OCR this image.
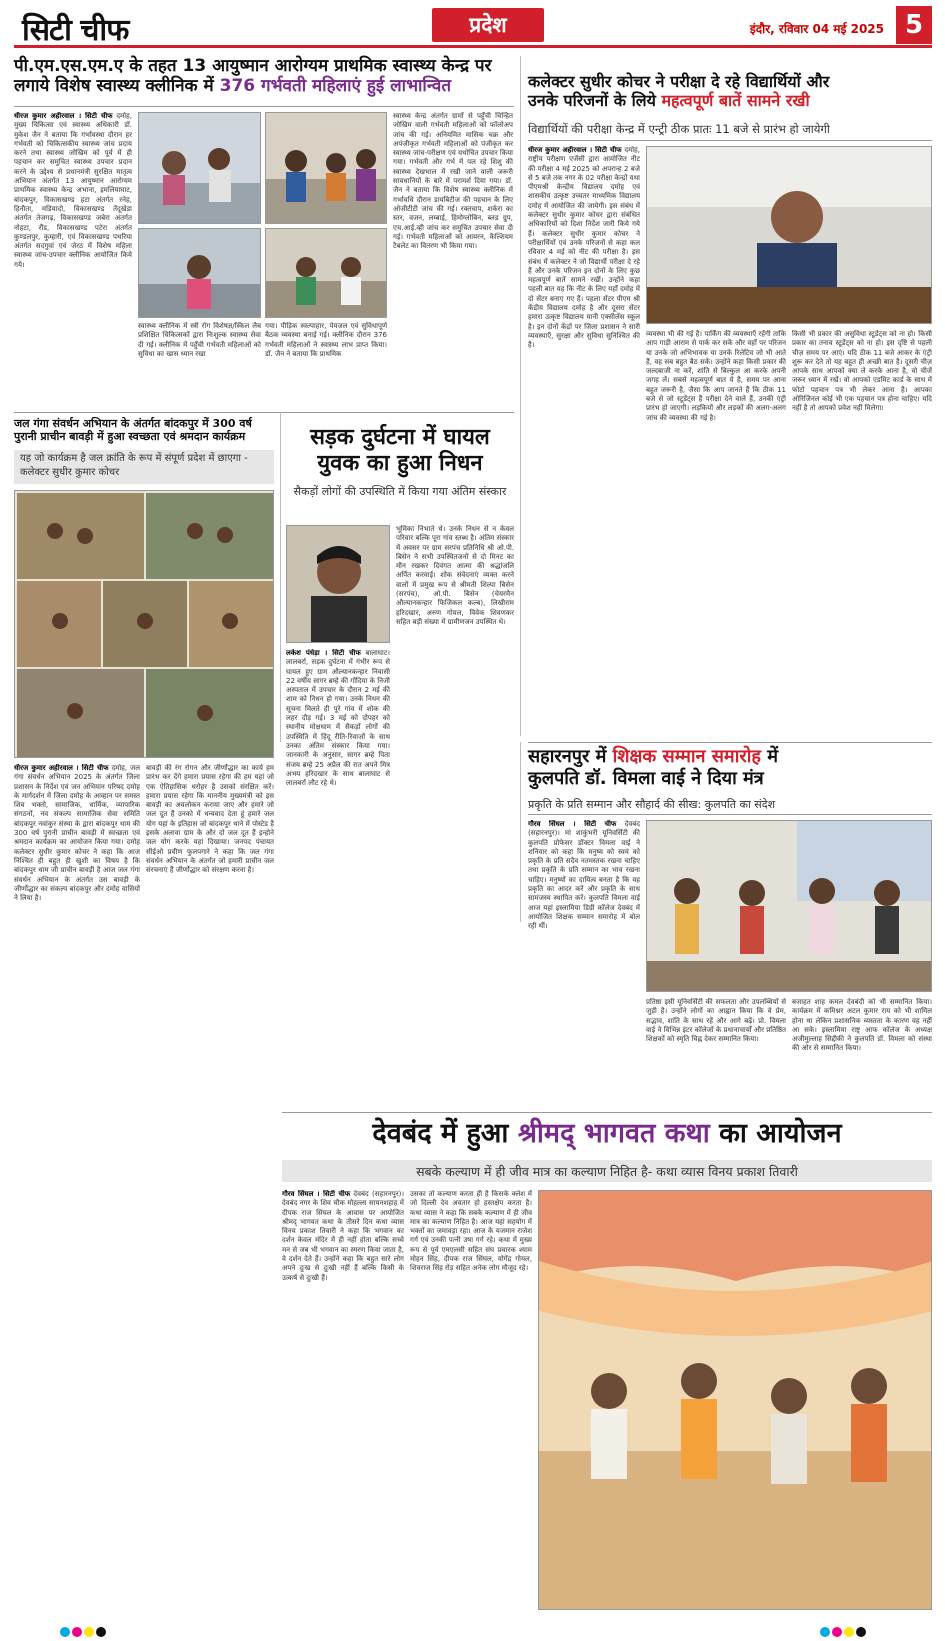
सिटी चीफ	प्रदेश	इंदौर, रविवार 04 मई 2025 5
पी.एम.एस.एम.ए के तहत 13 आयुष्मान आरोग्यम प्राथमिक स्वास्थ्य केन्द्र पर
लगाये विशेष स्वास्थ्य क्लीनिक में 376 गर्भवती महिलाएं हुई लाभान्वित
धीरज कुमार अहीरवाल । सिटी चीफ दमोह, मुख्य चिकित्सा एवं स्वास्थ्य अधिकारी डॉ. मुकेश जैन ने बताया कि गर्भावस्था दौरान हर गर्भवती को चिकित्सकीय स्वास्थ्य जांच प्रदाय करने तथा स्वास्थ्य जोखिम को पूर्व में ही पहचान कर समुचित स्वास्थ्य उपचार प्रदान करने के उद्देश्य से प्रधानमंत्री सुरक्षित मातृत्व अभियान अंतर्गत 13 आयुष्मान आरोग्यम प्राथमिक स्वास्थ्य केन्द्र अभाना, इमलियाघाट, बांदकपुर, विकासखण्ड हटा अंतर्गत रनेह, हिनौता, मडियादो, विकासखण्ड तेंदूखेडा अंतर्गत तेजगढ़, विकासखण्ड जबेरा अंतर्गत नोहटा, रौंड, विकासखण्ड पटेरा अंतर्गत कुण्डलपुर, कुम्हारी, एवं विकासखण्ड पथरिया अंतर्गत सदगुवां एवं जेरठ में विशेष महिला स्वास्थ्य जांच-उपचार क्लीनिक आयोजित किये गये।
स्वास्थ्य क्लीनिक में स्त्री रोग विशेषज्ञ/स्किल लैब प्रशिक्षित चिकित्सकों द्वारा निःशुल्क स्वास्थ्य सेवा दी गई। क्लीनिक में पहुँची गर्भवती महिलाओं को सुविधा का खास ध्यान रखा
गया। पीड़िक स्वल्पाहार, पेयजल एवं सुविधापूर्ण बैठक व्यवस्था बनाई गई। क्लीनिक दौरान 376 गर्भवती महिलाओं ने स्वास्थ्य लाभ प्राप्त किया। डॉ. जैन ने बताया कि प्राथमिक
स्वास्थ्य केन्द्र अंतर्गत ग्रामों से पहुँची चिन्हित जोखिम वाली गर्भवती महिलाओं को फॉलोअप जांच की गई। अनियमित मासिक चक्र और अपंजीकृत गर्भवती महिलाओं को पंजीकृत कर स्वास्थ्य जांच-परीक्षण एवं यथोचित उपचार किया गया। गर्भवती और गर्भ में पल रहे शिशु की स्वास्थ्य देखभाल में रखी जाने वाली जरूरी सावधानियों के बारे में परामर्श दिया गया। डॉ. जैन ने बताया कि विशेष स्वास्थ्य क्लीनिक में गर्भावधि दौरान डायबिटीज की पहचान के लिए ओजीटीटी जांच की गई। रक्तचाप, शर्करा का स्तर, वजन, लम्बाई, हिमोग्लोबिन, ब्लड ग्रुप, एच.आई.व्ही जांच कर समुचित उपचार सेवा दी गई। गर्भवती महिलाओं को आयरन, कैल्शियम टैबलेट का वितरण भी किया गया।
कलेक्टर सुधीर कोचर ने परीक्षा दे रहे विद्यार्थियों और
उनके परिजनों के लिये महत्वपूर्ण बातें सामने रखी
विद्यार्थियों की परीक्षा केन्द्र में एन्ट्री ठीक प्रातः 11 बजे से प्रारंभ हो जायेगी
धीरज कुमार अहीरवाल । सिटी चीफ दमोह, राष्ट्रीय परीक्षण एजेंसी द्वारा आयोजित नीट की परीक्षा 4 मई 2025 को अपरान्ह 2 बजे से 5 बजे तक नगर के 02 परीक्षा केन्द्रों यथा पीएमश्री केन्द्रीय विद्यालय दमोह एवं शासकीय उत्कृष्ट उच्चतर माध्यमिक विद्यालय दमोह में आयोजित की जायेगी। इस संबंध में कलेक्टर सुधीर कुमार कोचर द्वारा संबंधित अधिकारियों को दिशा निर्देश जारी किये गये हैं। कलेक्टर सुधीर कुमार कोचर ने परीक्षार्थियों एवं उनके परिजनों से कहा कल रविवार 4 मई को नीट की परीक्षा है। इस संबंध में कलेक्टर ने जो विद्यार्थी परीक्षा दे रहे हैं और उनके परिजन इन दोनों के लिए कुछ महत्वपूर्ण बातें सामने रखीं। उन्होंने कहा पहली बात यह कि नीट के लिए यहाँ दमोह में दो सेंटर बनाए गए हैं। पहला सेंटर पीएम श्री केंद्रीय विद्यालय दमोह है और दूसरा सेंटर हमारा उत्कृष्ट विद्यालय यानी एक्सीलेंस स्कूल है। इन दोनों केंद्रों पर जिला प्रशासन ने सारी व्यवस्थाएँ, सुरक्षा और सुविधा सुनिश्चित की है।
व्यवस्था भी की गई है। पार्किंग की व्यवस्थाएँ रहेंगी ताकि आप गाड़ी आराम से पार्क कर सकें और वहाँ पर परिजन या उनके जो अभिभावक या उनके रिलेटिव जो भी आते हैं, वह सब बहुत बैठ सकें। उन्होंने कहा किसी प्रकार की जल्दबाजी ना करें, शांति से बिल्कुल आ करके अपनी जगह लें। सबसे महत्वपूर्ण बात ये है, समय पर आना बहुत जरूरी है, जैसा कि आप जानते हैं कि ठीक 11 बजे से जो स्टूडेंट्स हैं परीक्षा देने वाले हैं, उनकी एंट्री प्रारंभ हो जाएगी। लड़कियों और लड़कों की अलग-अलग जांच की व्यवस्था की गई है।
किसी भी प्रकार की असुविधा स्टूडेंट्स को ना हो। किसी प्रकार का तनाव स्टूडेंट्स को ना हो। इस दृष्टि से पहली चीज़ समय पर आएं। यदि ठीक 11 बजे आकर के एंट्री शुरू कर देते तो यह बहुत ही अच्छी बात है। दूसरी चीज़ आपके साथ आपको क्या ले करके आना है, वो चीजें जरूर ध्यान में रखें। वो आपको एडमिट कार्ड के साथ में फोटो पहचान पत्र भी लेकर आना है। आपका ओरिजिनल कोई भी एक पहचान पत्र होना चाहिए। यदि नहीं है तो आपको प्रवेश नहीं मिलेगा।
जल गंगा संवर्धन अभियान के अंतर्गत बांदकपुर में 300 वर्ष
पुरानी प्राचीन बावड़ी में हुआ स्वच्छता एवं श्रमदान कार्यक्रम
यह जो कार्यक्रम है जल क्रांति के रूप में संपूर्ण प्रदेश में छाएगा - कलेक्टर सुधीर कुमार कोचर
धीरज कुमार अहीरवाल । सिटी चीफ दमोह, जल गंगा संवर्धन अभियान 2025 के अंतर्गत जिला प्रशासन के निर्देश एवं जन अभियान परिषद दमोह के मार्गदर्शन में जिला दमोह के आव्हान पर समस्त शिव भक्तो, सामाजिक, धार्मिक, व्यापारिक संगठनों, नव संकल्प सामाजिक सेवा समिति बांदकपुर नवांकुर संस्था के द्वारा बांदकपुर धाम की 300 वर्ष पुरानी प्राचीन बावड़ी में स्वच्छता एवं श्रमदान कार्यक्रम का आयोजन किया गया। दमोह कलेक्टर सुधीर कुमार कोचर ने कहा कि आज निश्चित ही बहुत ही खुशी का विषय है कि बांदकपुर धाम जी प्राचीन बावड़ी है आज जल गंगा संवर्धन अभियान के अंतर्गत उस बावड़ी के जीर्णोद्धार का संकल्प बांदकपुर और दमोह वासियों ने लिया है।
बावड़ी की रंग रोगन और जीर्णोद्धार का कार्य हम प्रारंभ कर देंगे हमारा प्रयास रहेगा की हम यहां जो एक ऐतिहासिक धरोहर है उसको संरक्षित करें। हमारा प्रयास रहेगा कि माननीय मुख्यमंत्री को इस बावड़ी का अवलोकन कराया जाए और हमारे जो जल दूत हैं उनको में धन्यवाद देता हूं हमारे जल योग यहां के इतिहास जो बांदकपुर थाने में पोस्टेड है इसके अलावा ग्राम के और दो जल दूत हैं इन्होने जल योग करके यहां दिखाया। जनपद पंचायत सीईओ प्रवीण फुलपगारे ने कहा कि जल गंगा संवर्धन अभियान के अंतर्गत जो हमारी प्राचीन जल संरचनाएं हैं जीर्णोद्धार को संरक्षण करना है।
सड़क दुर्घटना में घायल
युवक का हुआ निधन
सैकड़ों लोगों की उपस्थिति में किया गया अंतिम संस्कार
लकेश पंधेड़ा । सिटी चीफ बालाघाट। लालबर्रा, सड़क दुर्घटना में गंभीर रूप से घायल हुए ग्राम औल्यानकन्हार निवासी 22 वर्षीय सागर ब्रम्हे की गोंदिया के निजी अस्पताल में उपचार के दौरान 2 मई की शाम को निधन हो गया। उनके निधन की सूचना मिलते ही पूरे गांव में शोक की लहर दौड़ गई। 3 मई को दोपहर को स्थानीय मोक्षधाम में सैकड़ों लोगों की उपस्थिति में हिंदू रीति-रिवाजों के साथ उनका अंतिम संस्कार किया गया। जानकारी के अनुसार, सागर ब्रम्हे पिता संजय ब्रम्हे 25 अप्रैल की रात अपने मित्र अभय हरिदखार के साथ बालाघाट से लालबर्रा लौट रहे थे।
भूमिका निभाते थे। उनके निधन से न केवल परिवार बल्कि पूरा गांव स्तब्ध है। अंतिम संस्कार में अवसर पर ग्राम सरपंच प्रतिनिधि श्री ओ.पी. बिसेन ने सभी उपस्थितजनों से दो मिनट का मौन रखकर दिवंगत आत्मा की श्रद्धांजलि अर्पित करवाई। शोक संवेदनाएं व्यक्त करने वालों में प्रमुख रूप से श्रीमती शिल्पा बिसेन (सरपंच), ओ.पी. बिसेन (चेयरमैन औल्यानकन्हार फिजिकल कल्ब), लिखीराम हरिदखार, अरुण गोयल, विवेक शिवणकर सहित बड़ी संख्या में ग्रामीणजन उपस्थित थे।
सहारनपुर में शिक्षक सम्मान समारोह में
कुलपति डॉ. विमला वाई ने दिया मंत्र
प्रकृति के प्रति सम्मान और सौहार्द की सीख: कुलपति का संदेश
गौरव सिंघल । सिटी चीफ देवबंद (सहारनपुर)। मां शाकुंभरी यूनिवर्सिटी की कुलपति प्रोफेसर डॉक्टर विमला वाई ने शनिवार को कहा कि मनुष्य को स्वयं को प्रकृति के प्रति सदैव नतमस्तक रखना चाहिए तथा प्रकृति के प्रति सम्मान का भाव रखना चाहिए। मनुष्यों का दायित्व बनता है कि वह प्रकृति का आदर करें और प्रकृति के साथ सामंजस्य स्थापित करें। कुलपति विमला वाई आज यहां इस्लामिया डिग्री कॉलेज देवबंद में आयोजित शिक्षक सम्मान समारोह में बोल रही थीं।
प्रतिष्ठा इसी यूनिवर्सिटी की सफलता और उपलब्धियों से जुड़ी है। उन्होंने लोगों का आह्वान किया कि वे प्रेम, सद्भाव, शांति के साथ रहें और आगे बढ़ें। प्रो. विमला वाई ने विभिन्न इंटर कॉलेजों के प्रधानाचार्यों और प्रतिष्ठित शिक्षकों को स्मृति चिह्न देकर सम्मानित किया।
बजाहत शाह कमल देवबंदी को भी सम्मानित किया। कार्यक्रम में कमिश्नर अटल कुमार राय को भी शामिल होना था लेकिन प्रशासनिक व्यस्तता के कारण वह नहीं आ सके। इस्लामिया राष्ट्र आफ कॉलेज के अध्यक्ष अजीमुल्लाह सिद्दीकी ने कुलपति डॉ. विमला को संस्था की ओर से सम्मानित किया।
देवबंद में हुआ श्रीमद् भागवत कथा का आयोजन
सबके कल्याण में ही जीव मात्र का कल्याण निहित है- कथा व्यास विनय प्रकाश तिवारी
गौरव सिंघल । सिटी चीफ देवबंद (सहारनपुर)। देवबंद नगर के शिव चौक मोहल्ला सायनशहाह में दीपक राज सिंघल के आवास पर आयोजित श्रीमद् भागवत कथा के तीसरे दिन कथा व्यास विनय प्रकाश तिवारी ने कहा कि भगवान का दर्शन केवल मंदिर में ही नहीं होता बल्कि सच्चे मन से जब भी भगवान का स्मरण किया जाता है, वे दर्शन देते हैं। उन्होंने कहा कि बहुत सारे लोग अपने दुःख से दुःखी नहीं हैं बल्कि किसी के उत्कर्ष से दुःखी हैं।
उसका तो कल्याण करता ही है किसके क्लेश में जो दिल्ली देव अवतार हो हस्तक्षेप करता है। कथा व्यास ने कहा कि सबके कल्याण में ही जीव मात्र का कल्याण निहित है। आज यहां सहयोग में भक्तों का जमावड़ा रहा। आज के यजमान राजेश गर्ग एवं उनकी पत्नी उषा गर्ग रहे। कथा में मुख्य रूप से पूर्व एमएलसी सहित संघ प्रचारक श्याम मोहन सिंह, दीपक राज सिंघल, योगेंद्र गोयल, शिवराज सिंह रोड़ सहित अनेक लोग मौजूद रहे।
